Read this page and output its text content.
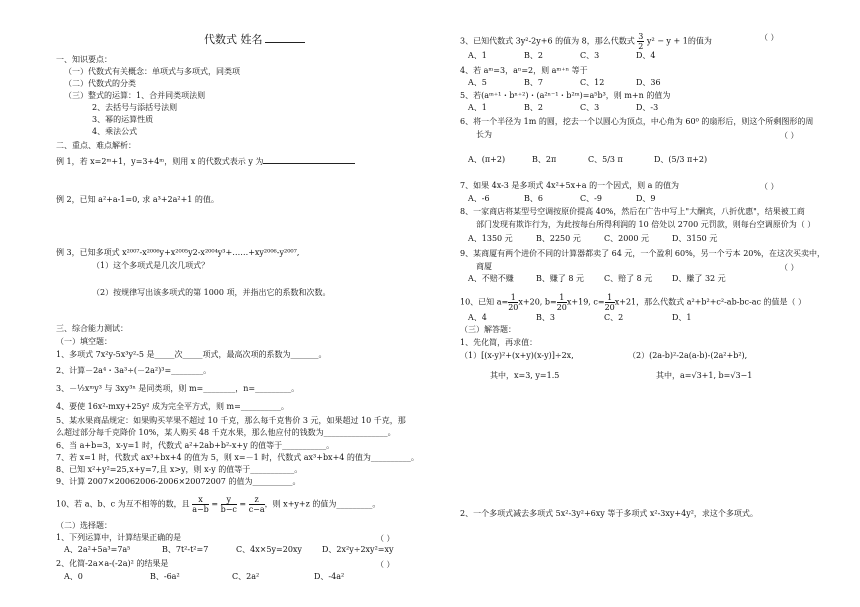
代数式 姓名
一、知识要点：
（一）代数式有关概念：单项式与多项式，同类项
（二）代数式的分类
（三）整式的运算：1、合并同类项法则
2、去括号与添括号法则
3、幂的运算性质
4、乘法公式
二、重点、难点解析：
例 1，若 x=2ᵐ+1，y=3+4ᵐ，则用 x 的代数式表示 y 为
例 2，已知 a²+a-1=0, 求 a³+2a²+1 的值。
例 3，已知多项式 x²⁰⁰⁷-x²⁰⁰⁶y+x²⁰⁰⁵y2-x²⁰⁰⁴y³+……+xy²⁰⁰⁶-y²⁰⁰⁷,
（1）这个多项式是几次几项式？
（2）按规律写出该多项式的第 1000 项，并指出它的系数和次数。
三、综合能力测试：
（一）填空题：
1、多项式 7x²y-5x³y²-5 是_____次_____项式，最高次项的系数为_______。
2、计算－2a⁴・3a³÷(－2a²)³=________。
3、－½xᵐy³ 与 3xy³ⁿ 是同类项，则 m=________，n=_________。
4、要使 16x²-mxy+25y² 成为完全平方式，则 m=__________。
5、某水果商品规定：如果购买苹果不超过 10 千克，那么每千克售价 3 元，如果超过 10 千克，那
么超过部分每千克降价 10%，某人购买 48 千克水果，那么他应付的钱数为________________。
6、当 a+b=3，x-y=1 时，代数式 a²+2ab+b²-x+y 的值等于___________。
7、若 x=1 时，代数式 ax³+bx+4 的值为 5，则 x=－1 时，代数式 ax³+bx+4 的值为__________。
8、已知 x²+y²=25,x+y=7,且 x>y，则 x-y 的值等于___________。
9、计算 2007×20062006-2006×20072007 的值为__________。
10、若 a、b、c 为互不相等的数，且 $\frac{x}{a-b} = \frac{y}{b-c} = \frac{z}{c-a}$ ，则 x+y+z 的值为_________。
（二）选择题：
1、下列运算中，计算结果正确的是	（ ）
A、2a²+5a³=7a⁵	B、7t²-t²=7	C、4x×5y=20xy	D、2x²y÷2xy²=xy
2、化简-2a×a-(-2a)² 的结果是	（ ）
A、0	B、-6a²	C、2a²	D、-4a²
3、已知代数式 3y²-2y+6 的值为 8，那么代数式 $\frac{3}{2} y^2 - y + 1$的值为	（ ）
A、1	B、2	C、3	D、4
4、若 aᵐ=3，aⁿ=2，则 aᵐ⁺ⁿ 等于
A、5	B、7	C、12	D、36
5、若(aᵐ⁺¹・bⁿ⁺²)・(a²ⁿ⁻¹・b²ᵐ)=a⁵b³，则 m+n 的值为
A、1	B、2	C、3	D、-3
6、将一个半径为 1m 的圆，挖去一个以圆心为顶点，中心角为 60⁰ 的扇形后，则这个所剩图形的周
长为	（ ）
A、(π+2)	B、2π	C、5/3 π	D、(5/3 π+2)
7、如果 4x-3 是多项式 4x²+5x+a 的一个因式，则 a 的值为	（ ）
A、-6	B、6	C、-9	D、9
8、一家商店将某型号空调按原价提高 40%，然后在广告中写上"大酬宾，八折优惠"，结果被工商
部门发现有欺诈行为，为此按每台所得利润的 10 倍处以 2700 元罚款，则每台空调原价为（ ）
A、1350 元	B、2250 元	C、2000 元	D、3150 元
9、某商厦有两个进价不同的计算器都卖了 64 元，一个盈利 60%，另一个亏本 20%，在这次买卖中，
商厦	（ ）
A、不赔不赚	B、赚了 8 元 C、赔了 8 元 D、赚了 32 元
10、已知 $a= \frac{1}{20} x+20$, $b= \frac{1}{20} x+19$, $c= \frac{1}{20} x+21$，那么代数式 a²+b²+c²-ab-bc-ac 的值是（ ）
A、4	B、3	C、2	D、1
（三）解答题：
1、先化简，再求值：
（1）[(x-y)²+(x+y)(x-y)]÷2x,	（2）(2a-b)²-2a(a-b)-(2a²+b²),
其中，x=3, y=1.5	其中，a=√3+1, b=√3−1
2、一个多项式减去多项式 5x²-3y²+6xy 等于多项式 x²-3xy+4y²，求这个多项式。
